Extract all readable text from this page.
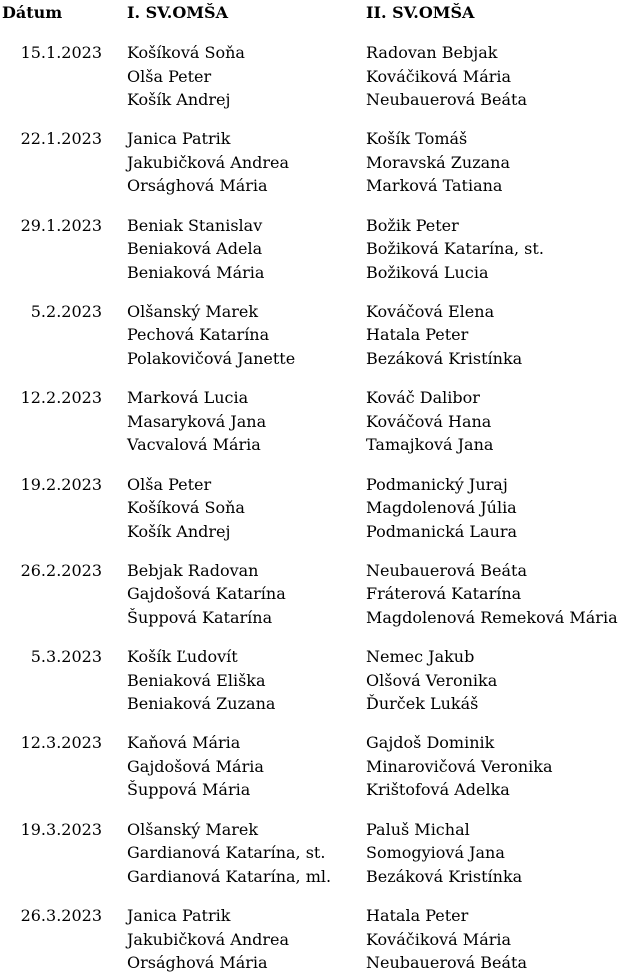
Dátum	I. SV.OMŠA	II. SV.OMŠA
15.1.2023 Košíková Soňa
Olša Peter
Košík Andrej
Radovan Bebjak
Kováčiková Mária
Neubauerová Beáta
22.1.2023 Janica Patrik
Jakubičková Andrea
Orsághová Mária
Košík Tomáš
Moravská Zuzana
Marková Tatiana
29.1.2023 Beniak Stanislav
Beniaková Adela
Beniaková Mária
Božik Peter
Božiková Katarína, st.
Božiková Lucia
5.2.2023 Olšanský Marek
Pechová Katarína
Polakovičová Janette
Kováčová Elena
Hatala Peter
Bezáková Kristínka
12.2.2023 Marková Lucia
Masaryková Jana
Vacvalová Mária
Kováč Dalibor
Kováčová Hana
Tamajková Jana
19.2.2023 Olša Peter
Košíková Soňa
Košík Andrej
Podmanický Juraj
Magdolenová Júlia
Podmanická Laura
26.2.2023 Bebjak Radovan
Gajdošová Katarína
Šuppová Katarína
Neubauerová Beáta
Fráterová Katarína
Magdolenová Remeková Mária
5.3.2023 Košík Ľudovít
Beniaková Eliška
Beniaková Zuzana
Nemec Jakub
Olšová Veronika
Ďurček Lukáš
12.3.2023 Kaňová Mária
Gajdošová Mária
Šuppová Mária
Gajdoš Dominik
Minarovičová Veronika
Krištofová Adelka
19.3.2023 Olšanský Marek
Gardianová Katarína, st.
Gardianová Katarína, ml.
Paluš Michal
Somogyiová Jana
Bezáková Kristínka
26.3.2023 Janica Patrik
Jakubičková Andrea
Orsághová Mária
Hatala Peter
Kováčiková Mária
Neubauerová Beáta
